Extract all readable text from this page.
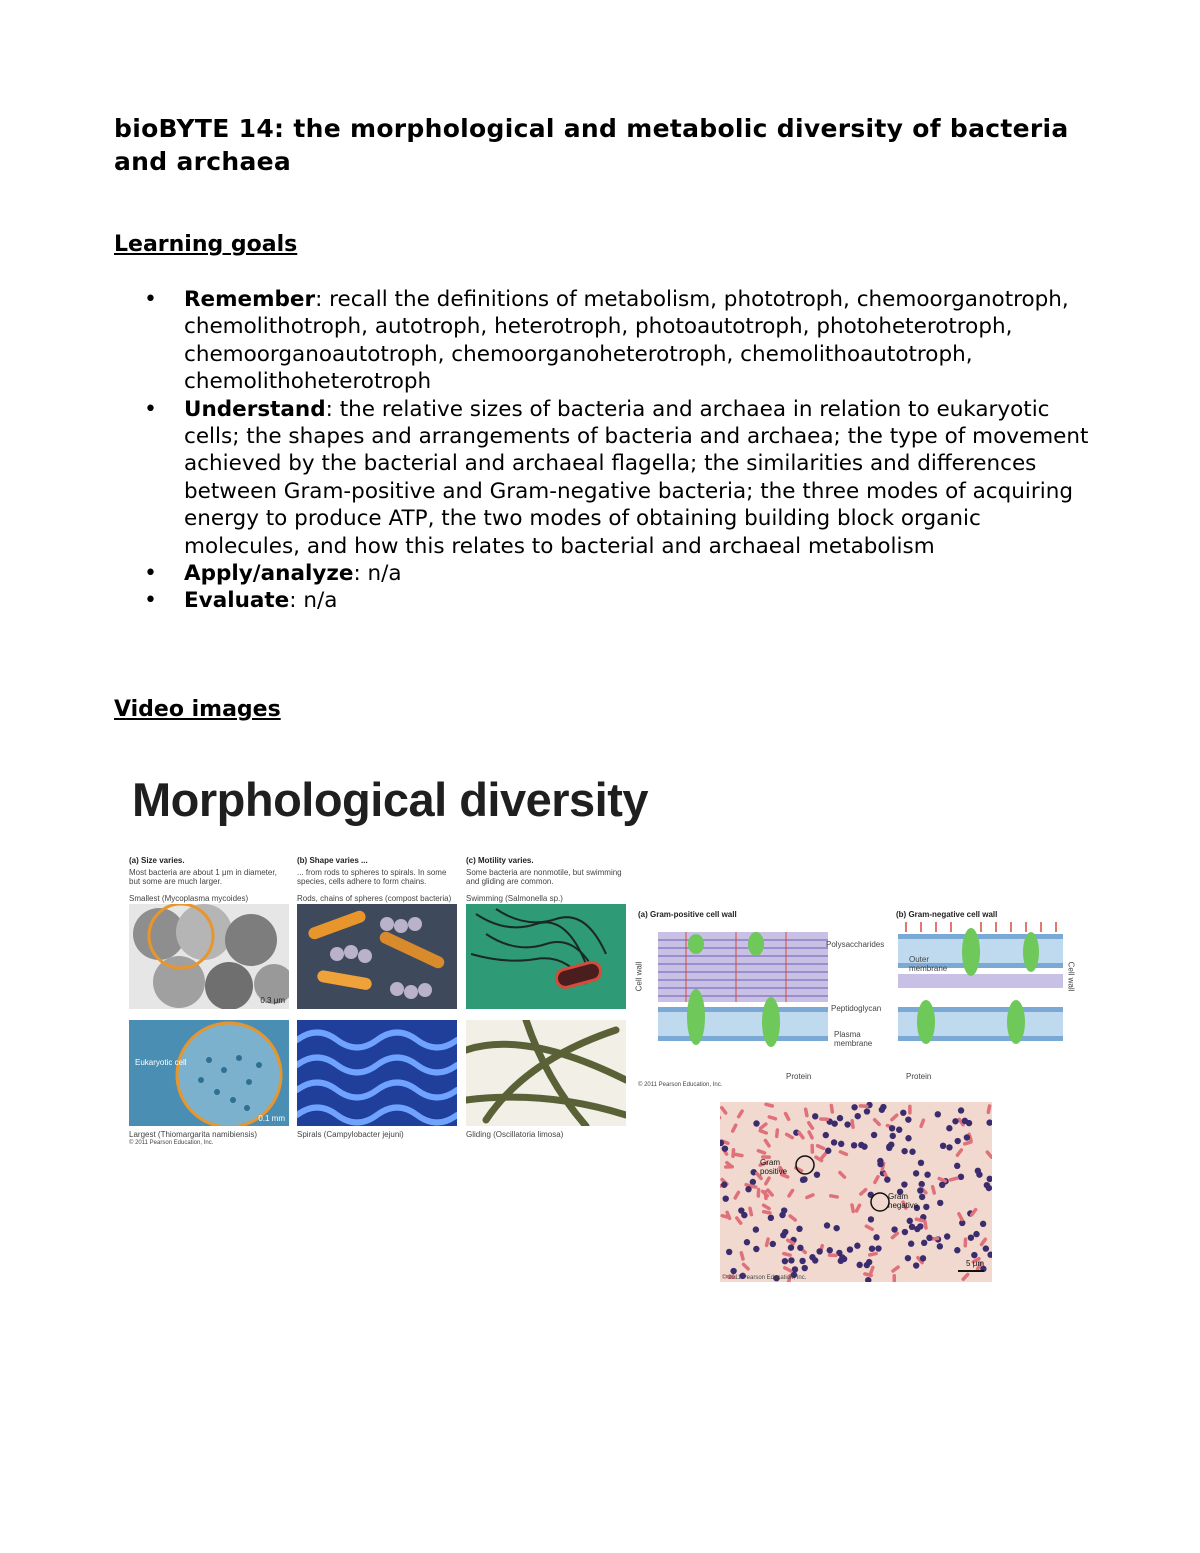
bioBYTE 14: the morphological and metabolic diversity of bacteria and archaea
Learning goals
• Remember: recall the definitions of metabolism, phototroph, chemoorganotroph, chemolithotroph, autotroph, heterotroph, photoautotroph, photoheterotroph, chemoorganoautotroph, chemoorganoheterotroph, chemolithoautotroph, chemolithoheterotroph
• Understand: the relative sizes of bacteria and archaea in relation to eukaryotic cells; the shapes and arrangements of bacteria and archaea; the type of movement achieved by the bacterial and archaeal flagella; the similarities and differences between Gram-positive and Gram-negative bacteria; the three modes of acquiring energy to produce ATP, the two modes of obtaining building block organic molecules, and how this relates to bacterial and archaeal metabolism
• Apply/analyze: n/a
• Evaluate: n/a
Video images
Morphological diversity
(a) Size varies.
Most bacteria are about 1 μm in diameter, but some are much larger.
Smallest (Mycoplasma mycoides)
(b) Shape varies ...
... from rods to spheres to spirals. In some species, cells adhere to form chains.
Rods, chains of spheres (compost bacteria)
(c) Motility varies.
Some bacteria are nonmotile, but swimming and gliding are common.
Swimming (Salmonella sp.)
0.3 μm
Eukaryotic cell
0.1 mm
Largest (Thiomargarita namibiensis)	Spirals (Campylobacter jejuni)	Gliding (Oscillatoria limosa)
© 2011 Pearson Education, Inc.
(a) Gram-positive cell wall	(b) Gram-negative cell wall
Polysaccharides
Peptidoglycan
Outer membrane
Plasma membrane
Protein	Protein
Cell wall	Cell wall
© 2011 Pearson Education, Inc.
Gram positive
Gram negative
5 μm
© 2011 Pearson Education, Inc.
